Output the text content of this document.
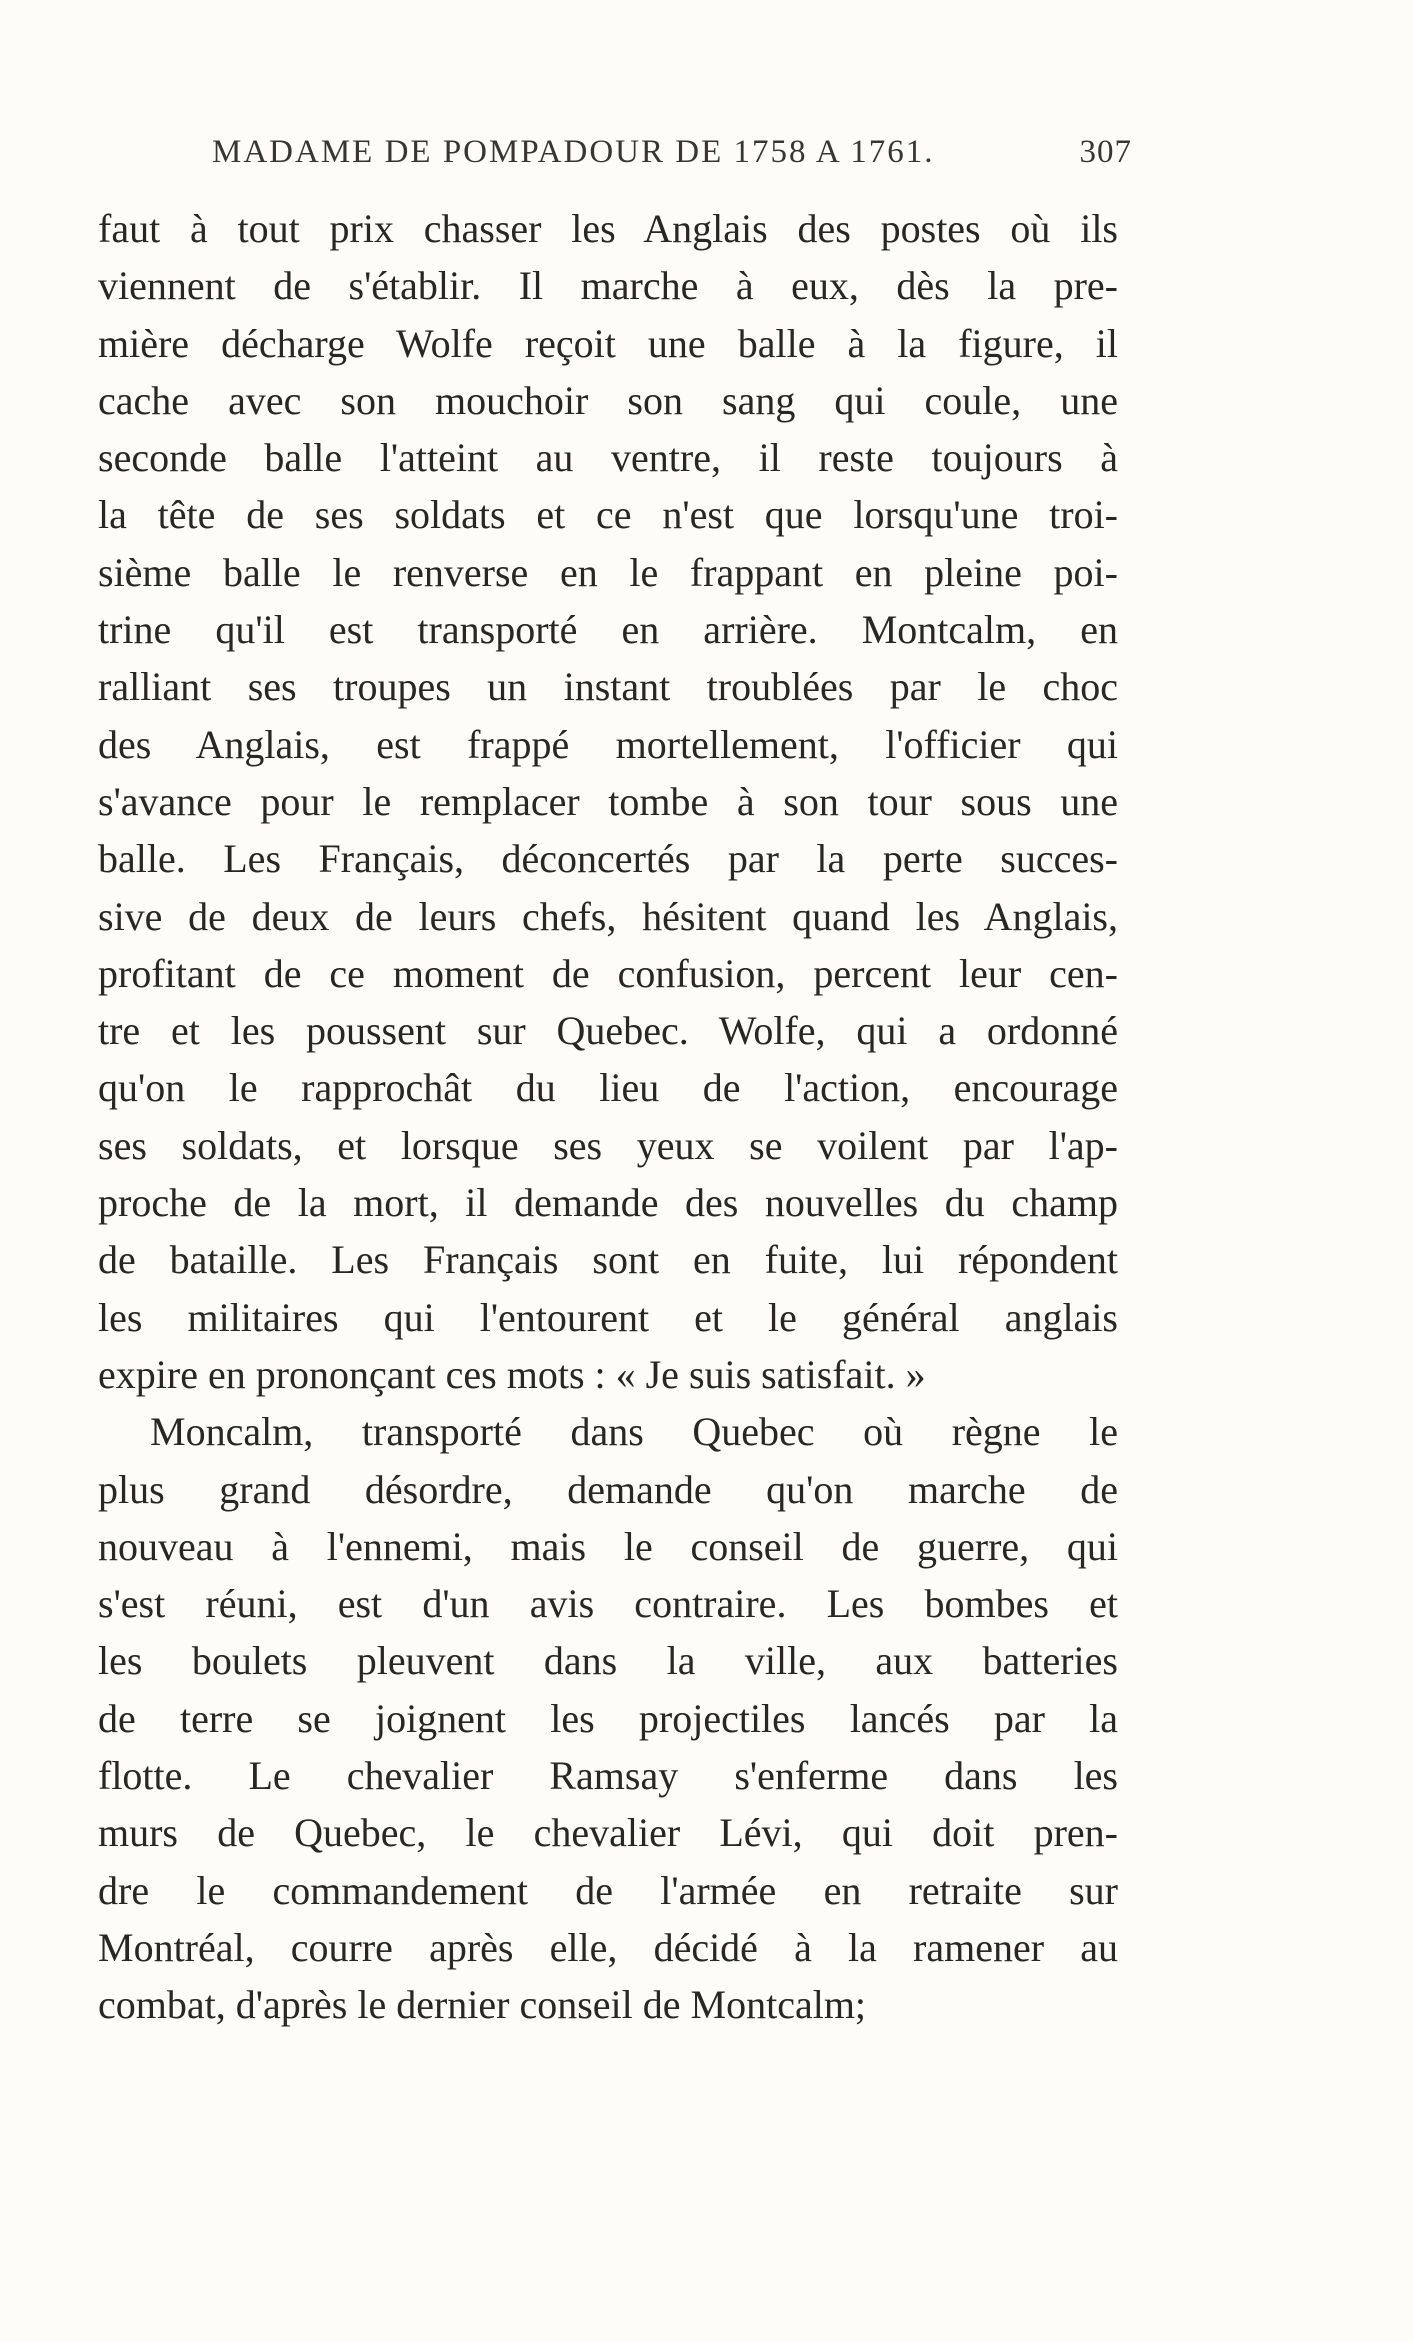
MADAME DE POMPADOUR DE 1758 A 1761.	307
faut à tout prix chasser les Anglais des postes où ils
viennent de s'établir. Il marche à eux, dès la pre-
mière décharge Wolfe reçoit une balle à la figure, il
cache avec son mouchoir son sang qui coule, une
seconde balle l'atteint au ventre, il reste toujours à
la tête de ses soldats et ce n'est que lorsqu'une troi-
sième balle le renverse en le frappant en pleine poi-
trine qu'il est transporté en arrière. Montcalm, en
ralliant ses troupes un instant troublées par le choc
des Anglais, est frappé mortellement, l'officier qui
s'avance pour le remplacer tombe à son tour sous une
balle. Les Français, déconcertés par la perte succes-
sive de deux de leurs chefs, hésitent quand les Anglais,
profitant de ce moment de confusion, percent leur cen-
tre et les poussent sur Quebec. Wolfe, qui a ordonné
qu'on le rapprochât du lieu de l'action, encourage
ses soldats, et lorsque ses yeux se voilent par l'ap-
proche de la mort, il demande des nouvelles du champ
de bataille. Les Français sont en fuite, lui répondent
les militaires qui l'entourent et le général anglais
expire en prononçant ces mots : « Je suis satisfait. »
Moncalm, transporté dans Quebec où règne le
plus grand désordre, demande qu'on marche de
nouveau à l'ennemi, mais le conseil de guerre, qui
s'est réuni, est d'un avis contraire. Les bombes et
les boulets pleuvent dans la ville, aux batteries
de terre se joignent les projectiles lancés par la
flotte. Le chevalier Ramsay s'enferme dans les
murs de Quebec, le chevalier Lévi, qui doit pren-
dre le commandement de l'armée en retraite sur
Montréal, courre après elle, décidé à la ramener au
combat, d'après le dernier conseil de Montcalm;
